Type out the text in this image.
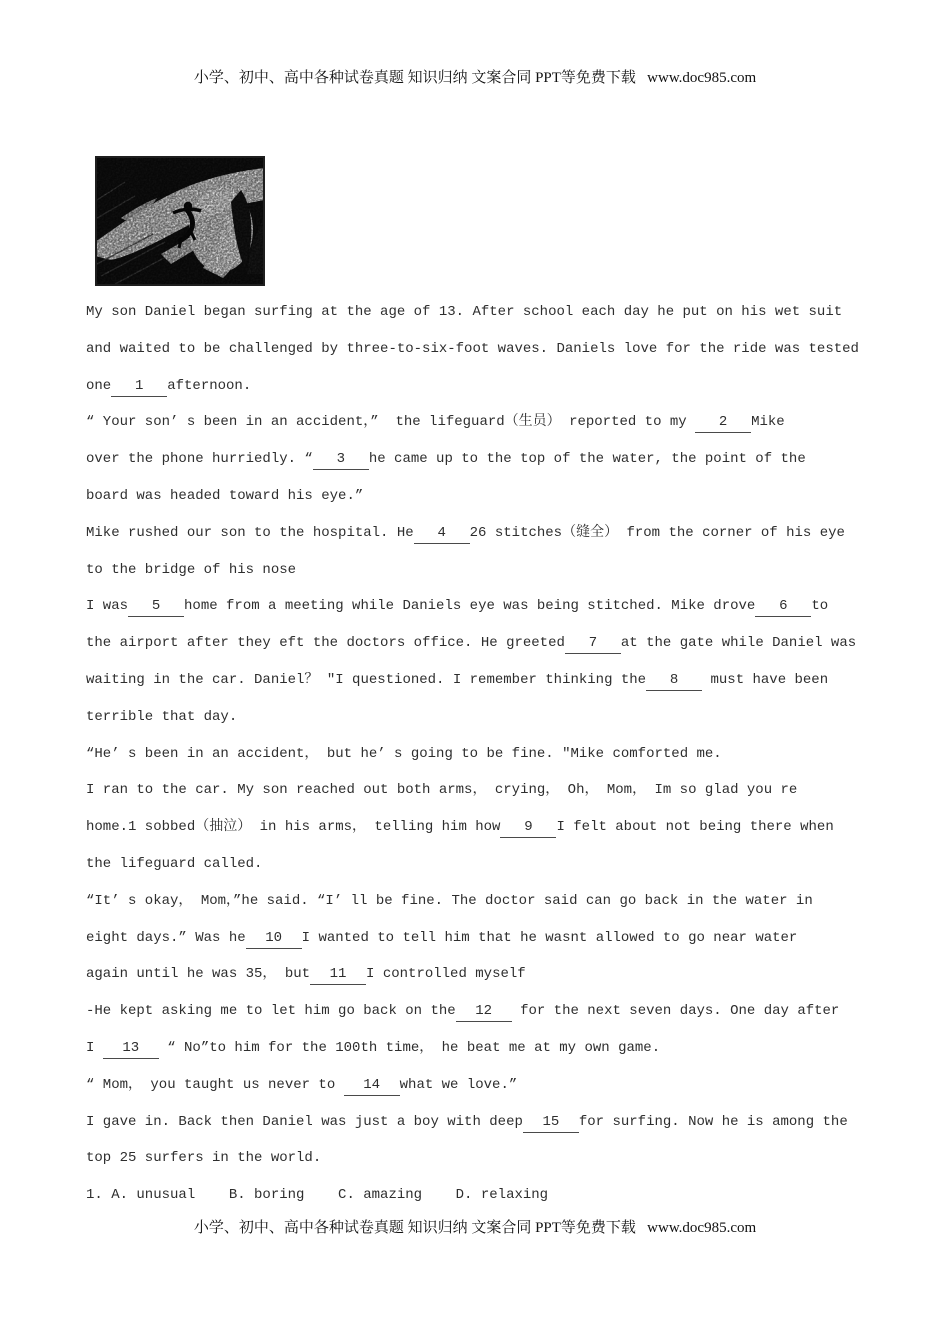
小学、初中、高中各种试卷真题 知识归纳 文案合同 PPT等免费下载   www.doc985.com
My son Daniel began surfing at the age of 13. After school each day he put on his wet suit
and waited to be challenged by three-to-six-foot waves. Daniels love for the ride was tested
one 1 afternoon.
“ Your son’ s been in an accident，”  the lifeguard（生员） reported to my 2 Mike
over the phone hurriedly. “ 3 he came up to the top of the water, the point of the
board was headed toward his eye.”
Mike rushed our son to the hospital. He 4 26 stitches（缝全） from the corner of his eye
to the bridge of his nose
I was 5 home from a meeting while Daniels eye was being stitched. Mike drove 6 to
the airport after they eft the doctors office. He greeted 7 at the gate while Daniel was
waiting in the car. Daniel？ "I questioned. I remember thinking the 8 must have been
terrible that day.
“He’ s been in an accident， but he’ s going to be fine. "Mike comforted me.
I ran to the car. My son reached out both arms， crying， Oh， Mom， Im so glad you re
home.1 sobbed（抽泣） in his arms， telling him how 9 I felt about not being there when
the lifeguard called.
“It’ s okay， Mom，”he said. “I’ ll be fine. The doctor said can go back in the water in
eight days.” Was he 10 I wanted to tell him that he wasnt allowed to go near water
again until he was 35， but 11 I controlled myself
-He kept asking me to let him go back on the 12 for the next seven days. One day after
I 13 “ No”to him for the 100th time， he beat me at my own game.
“ Mom， you taught us never to 14 what we love.”
I gave in. Back then Daniel was just a boy with deep 15 for surfing. Now he is among the
top 25 surfers in the world.
1. A. unusual    B. boring    C. amazing    D. relaxing
小学、初中、高中各种试卷真题 知识归纳 文案合同 PPT等免费下载   www.doc985.com
